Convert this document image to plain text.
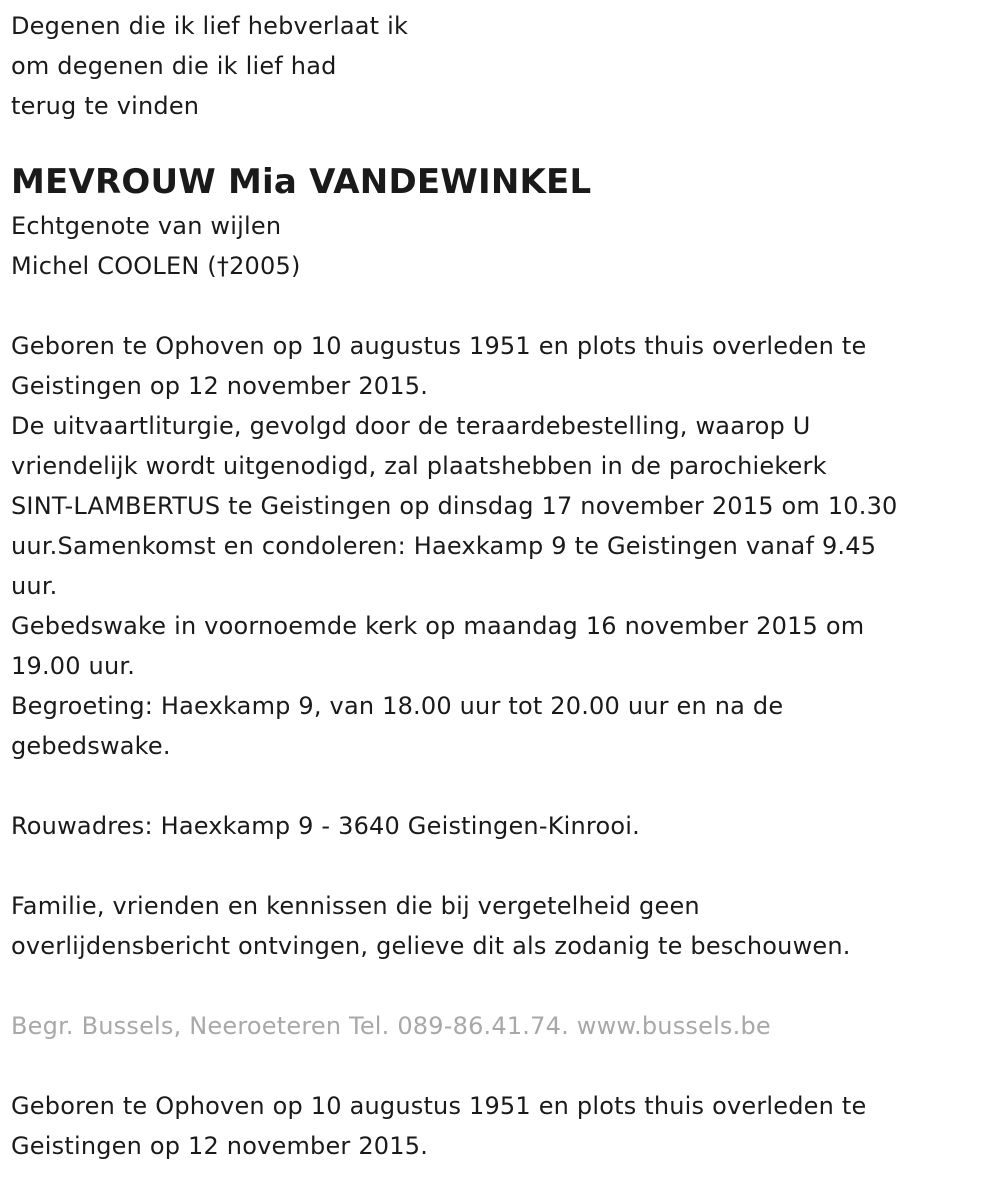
Degenen die ik lief hebverlaat ik
om degenen die ik lief had
terug te vinden
MEVROUW Mia VANDEWINKEL
Echtgenote van wijlen
Michel COOLEN (†2005)
Geboren te Ophoven op 10 augustus 1951 en plots thuis overleden te
Geistingen op 12 november 2015.
De uitvaartliturgie, gevolgd door de teraardebestelling, waarop U
vriendelijk wordt uitgenodigd, zal plaatshebben in de parochiekerk
SINT-LAMBERTUS te Geistingen op dinsdag 17 november 2015 om 10.30
uur.Samenkomst en condoleren: Haexkamp 9 te Geistingen vanaf 9.45
uur.
Gebedswake in voornoemde kerk op maandag 16 november 2015 om
19.00 uur.
Begroeting: Haexkamp 9, van 18.00 uur tot 20.00 uur en na de
gebedswake.
Rouwadres: Haexkamp 9 - 3640 Geistingen-Kinrooi.
Familie, vrienden en kennissen die bij vergetelheid geen
overlijdensbericht ontvingen, gelieve dit als zodanig te beschouwen.
Begr. Bussels, Neeroeteren Tel. 089-86.41.74. www.bussels.be
Geboren te Ophoven op 10 augustus 1951 en plots thuis overleden te
Geistingen op 12 november 2015.
